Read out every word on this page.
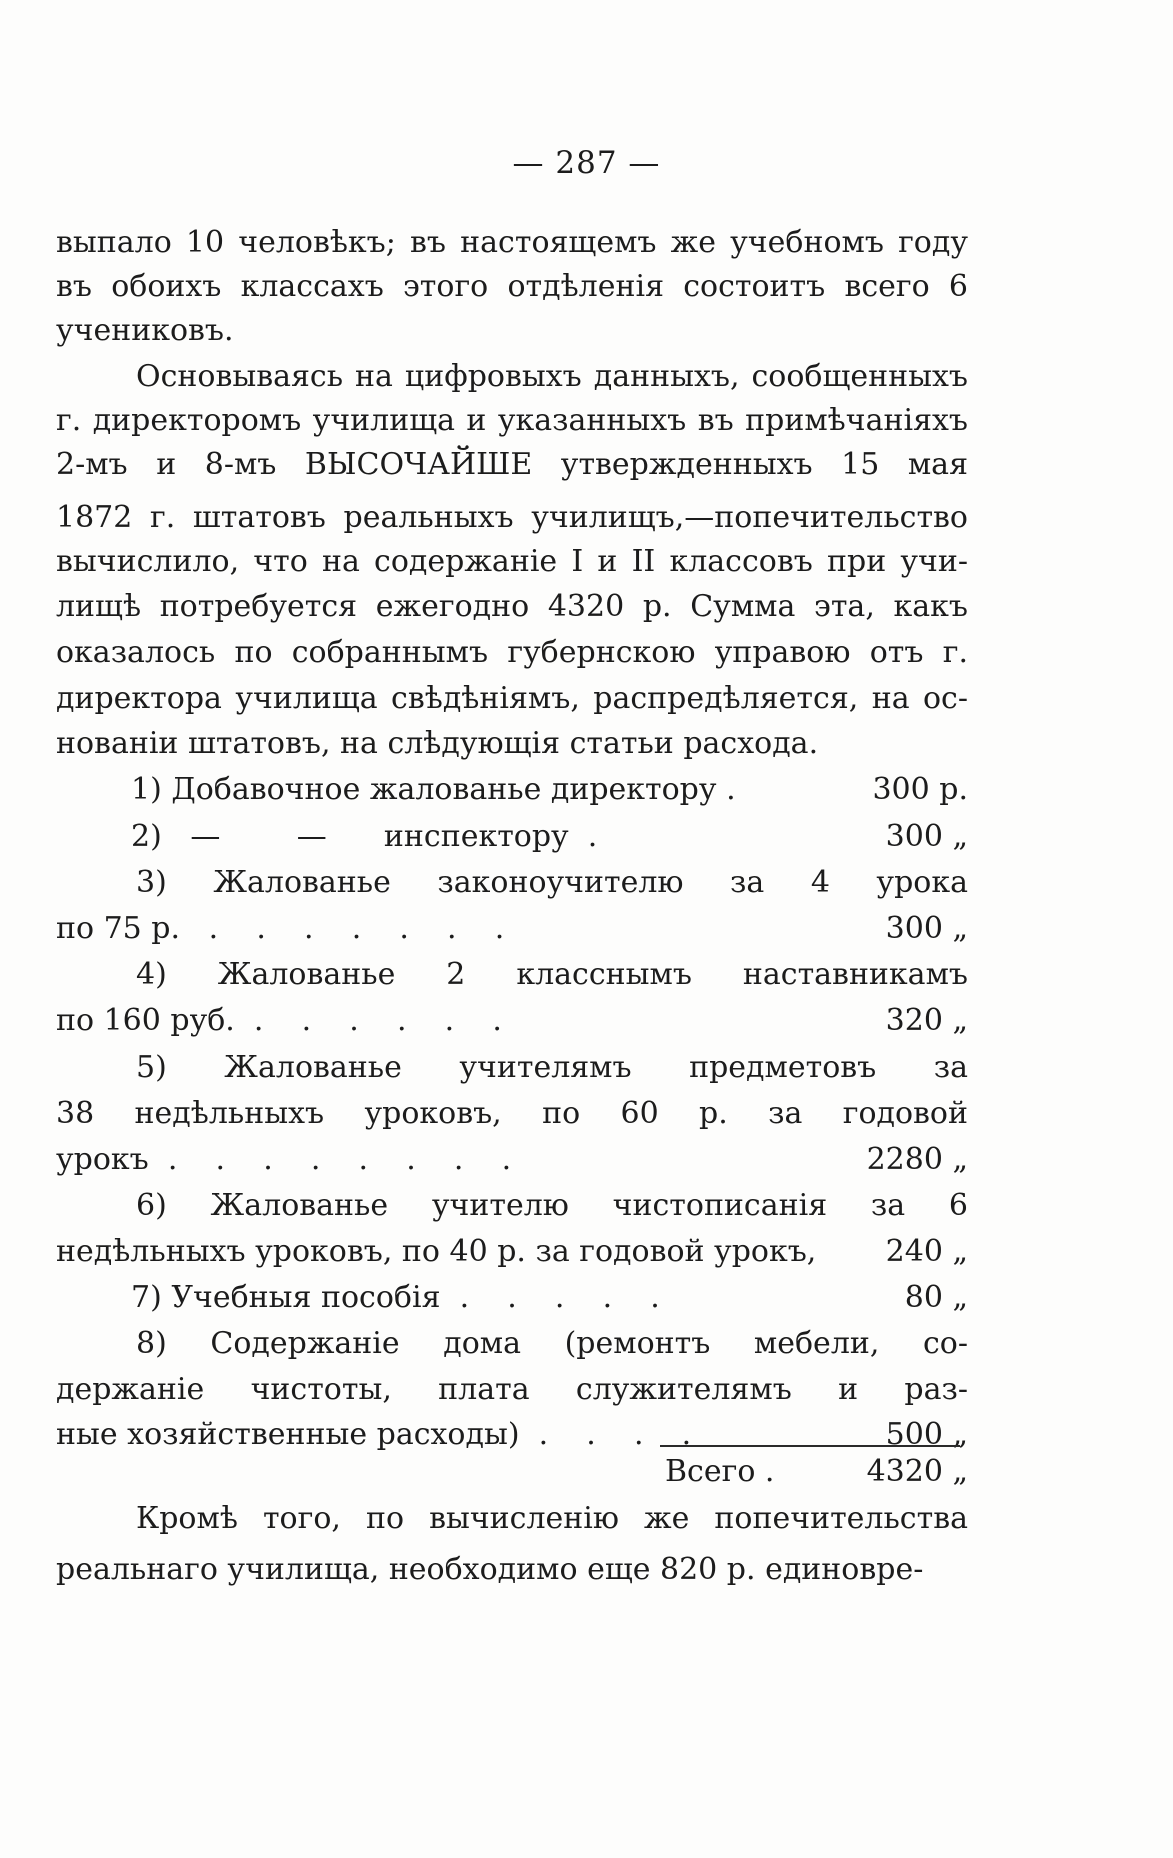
— 287 —
выпало 10 человѣкъ; въ настоящемъ же учебномъ году
въ обоихъ классахъ этого отдѣленія состоитъ всего 6
учениковъ.
Основываясь на цифровыхъ данныхъ, сообщенныхъ
г. директоромъ училища и указанныхъ въ примѣчаніяхъ
2-мъ и 8-мъ ВЫСОЧАЙШЕ утвержденныхъ 15 мая
1872 г. штатовъ реальныхъ училищъ,—попечительство
вычислило, что на содержаніе I и II классовъ при учи-
лищѣ потребуется ежегодно 4320 р. Сумма эта, какъ
оказалось по собраннымъ губернскою управою отъ г.
директора училища свѣдѣніямъ, распредѣляется, на ос-
нованіи штатовъ, на слѣдующія статьи расхода.
1) Добавочное жалованье директору .	300 р.
2)   —        —      инспектору  .	300 „
3) Жалованье законоучителю за 4 урока
по 75 р.   .    .    .    .    .    .    .	300 „
4) Жалованье 2 класснымъ наставникамъ
по 160 руб.  .    .    .    .    .    .	320 „
5) Жалованье учителямъ предметовъ за
38 недѣльныхъ уроковъ, по 60 р. за годовой
урокъ  .    .    .    .    .    .    .    .	2280 „
6) Жалованье учителю чистописанія за 6
недѣльныхъ уроковъ, по 40 р. за годовой урокъ, 240 „
7) Учебныя пособія  .    .    .    .    .	80 „
8) Содержаніе дома (ремонтъ мебели, со-
держаніе чистоты, плата служителямъ и раз-
ные хозяйственные расходы)  .    .    .    .	500 „
Всего .	4320 „
Кромѣ того, по вычисленію же попечительства
реальнаго училища, необходимо еще 820 р. единовре-
